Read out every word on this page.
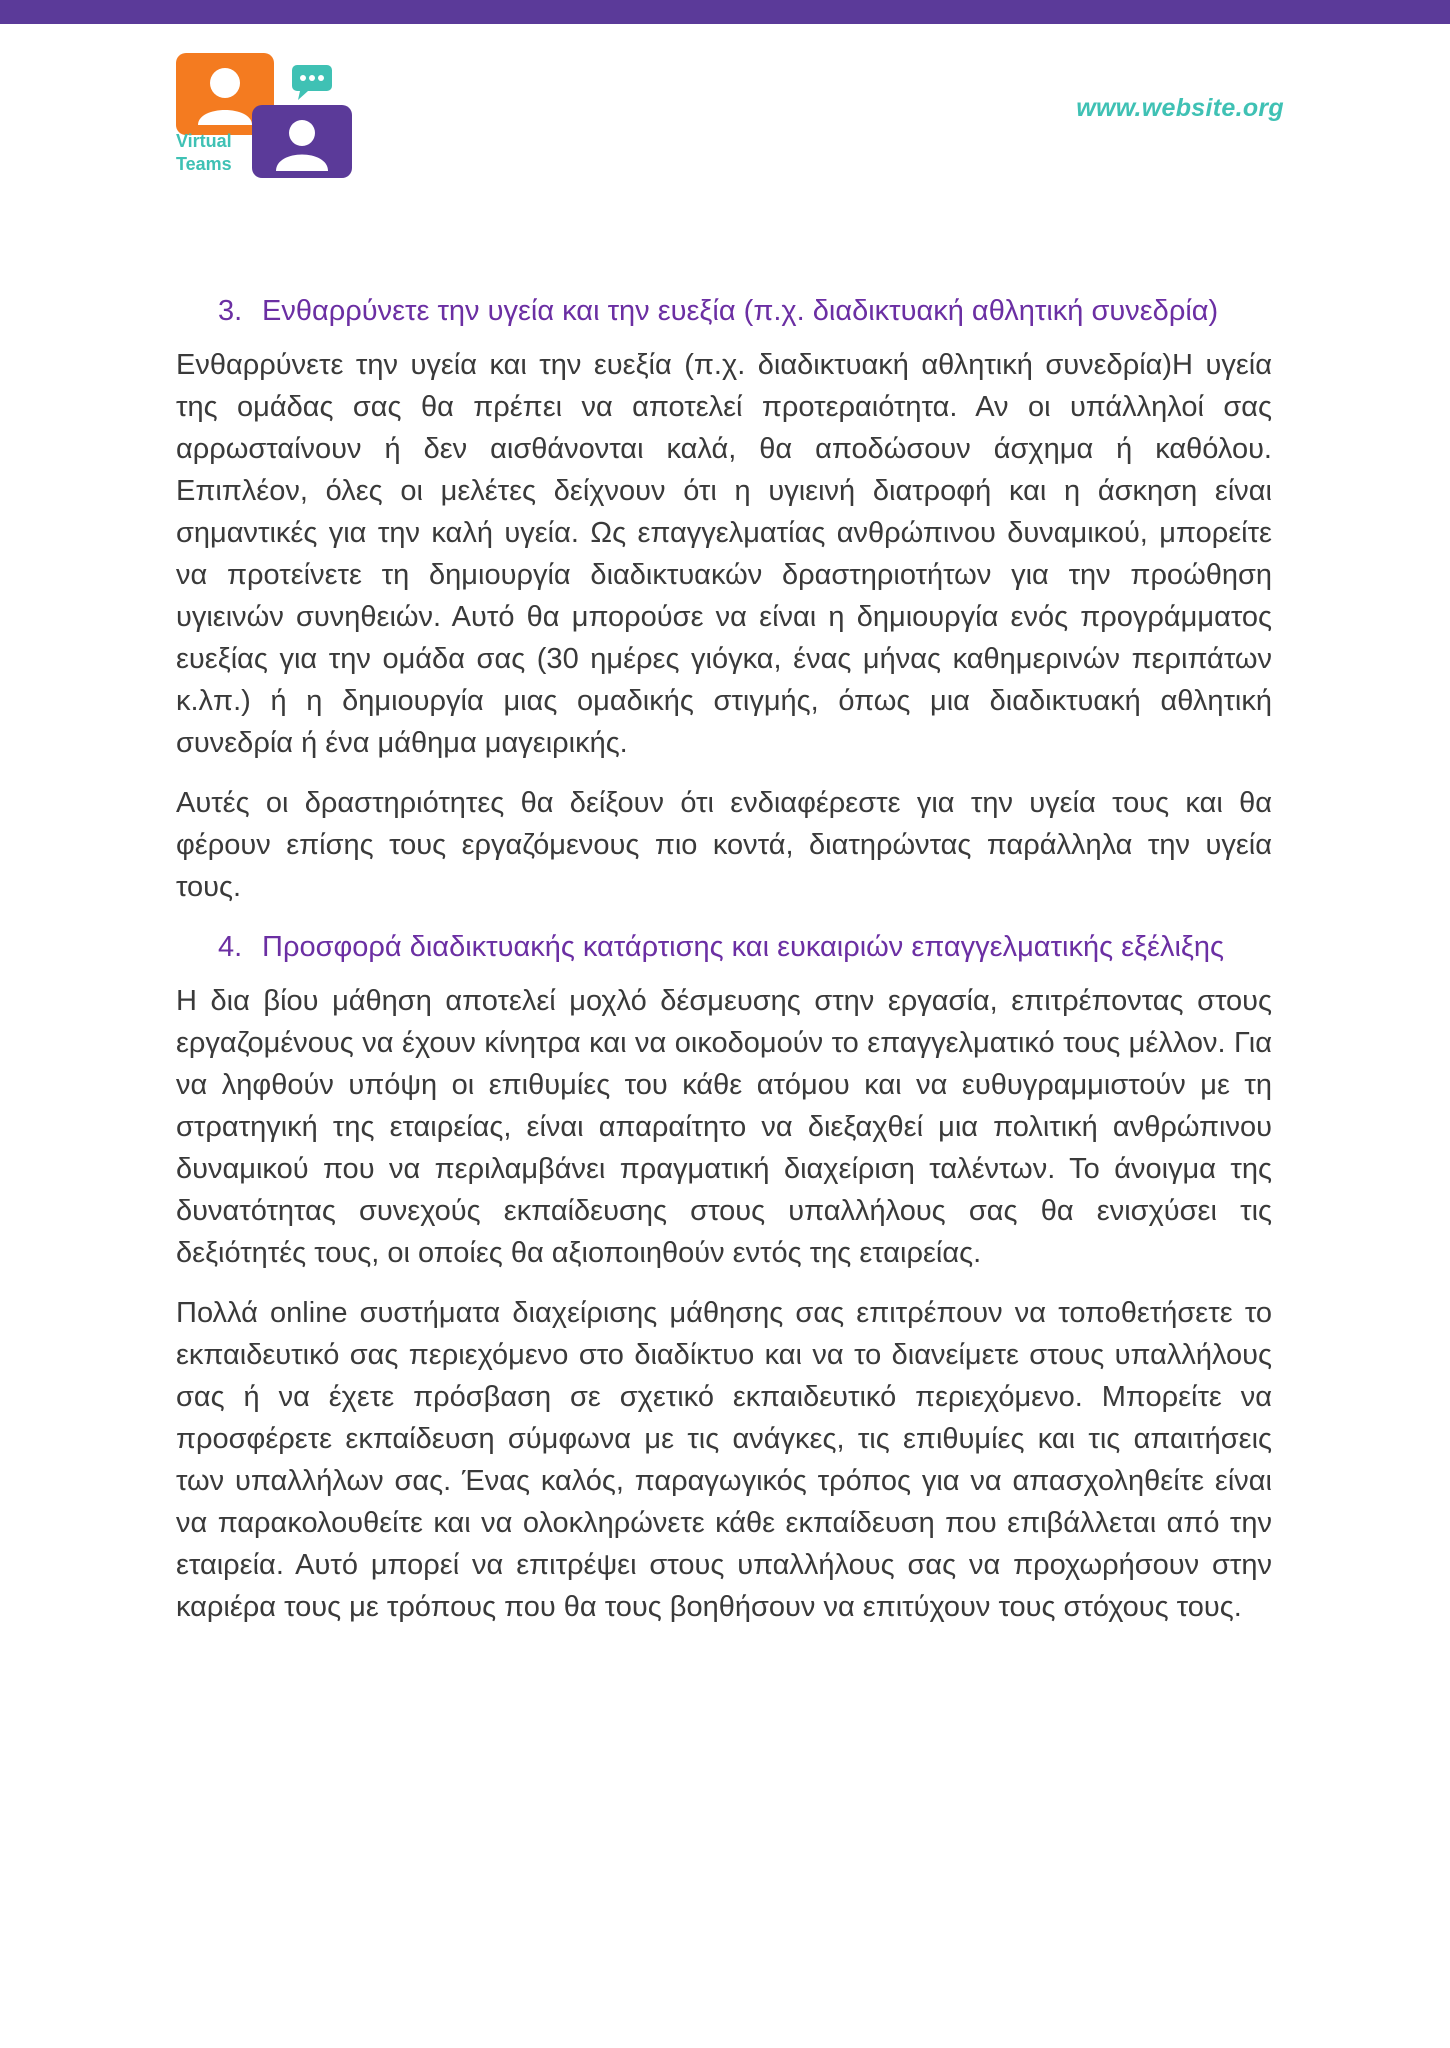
Virtual
Teams
www.website.org
3. Ενθαρρύνετε την υγεία και την ευεξία (π.χ. διαδικτυακή αθλητική συνεδρία)

Ενθαρρύνετε την υγεία και την ευεξία (π.χ. διαδικτυακή αθλητική συνεδρία)Η υγεία της ομάδας σας θα πρέπει να αποτελεί προτεραιότητα. Αν οι υπάλληλοί σας αρρωσταίνουν ή δεν αισθάνονται καλά, θα αποδώσουν άσχημα ή καθόλου. Επιπλέον, όλες οι μελέτες δείχνουν ότι η υγιεινή διατροφή και η άσκηση είναι σημαντικές για την καλή υγεία. Ως επαγγελματίας ανθρώπινου δυναμικού, μπορείτε να προτείνετε τη δημιουργία διαδικτυακών δραστηριοτήτων για την προώθηση υγιεινών συνηθειών. Αυτό θα μπορούσε να είναι η δημιουργία ενός προγράμματος ευεξίας για την ομάδα σας (30 ημέρες γιόγκα, ένας μήνας καθημερινών περιπάτων κ.λπ.) ή η δημιουργία μιας ομαδικής στιγμής, όπως μια διαδικτυακή αθλητική συνεδρία ή ένα μάθημα μαγειρικής.

Αυτές οι δραστηριότητες θα δείξουν ότι ενδιαφέρεστε για την υγεία τους και θα φέρουν επίσης τους εργαζόμενους πιο κοντά, διατηρώντας παράλληλα την υγεία τους.

4. Προσφορά διαδικτυακής κατάρτισης και ευκαιριών επαγγελματικής εξέλιξης

Η δια βίου μάθηση αποτελεί μοχλό δέσμευσης στην εργασία, επιτρέποντας στους εργαζομένους να έχουν κίνητρα και να οικοδομούν το επαγγελματικό τους μέλλον. Για να ληφθούν υπόψη οι επιθυμίες του κάθε ατόμου και να ευθυγραμμιστούν με τη στρατηγική της εταιρείας, είναι απαραίτητο να διεξαχθεί μια πολιτική ανθρώπινου δυναμικού που να περιλαμβάνει πραγματική διαχείριση ταλέντων. Το άνοιγμα της δυνατότητας συνεχούς εκπαίδευσης στους υπαλλήλους σας θα ενισχύσει τις δεξιότητές τους, οι οποίες θα αξιοποιηθούν εντός της εταιρείας.

Πολλά online συστήματα διαχείρισης μάθησης σας επιτρέπουν να τοποθετήσετε το εκπαιδευτικό σας περιεχόμενο στο διαδίκτυο και να το διανείμετε στους υπαλλήλους σας ή να έχετε πρόσβαση σε σχετικό εκπαιδευτικό περιεχόμενο. Μπορείτε να προσφέρετε εκπαίδευση σύμφωνα με τις ανάγκες, τις επιθυμίες και τις απαιτήσεις των υπαλλήλων σας. Ένας καλός, παραγωγικός τρόπος για να απασχοληθείτε είναι να παρακολουθείτε και να ολοκληρώνετε κάθε εκπαίδευση που επιβάλλεται από την εταιρεία. Αυτό μπορεί να επιτρέψει στους υπαλλήλους σας να προχωρήσουν στην καριέρα τους με τρόπους που θα τους βοηθήσουν να επιτύχουν τους στόχους τους.
